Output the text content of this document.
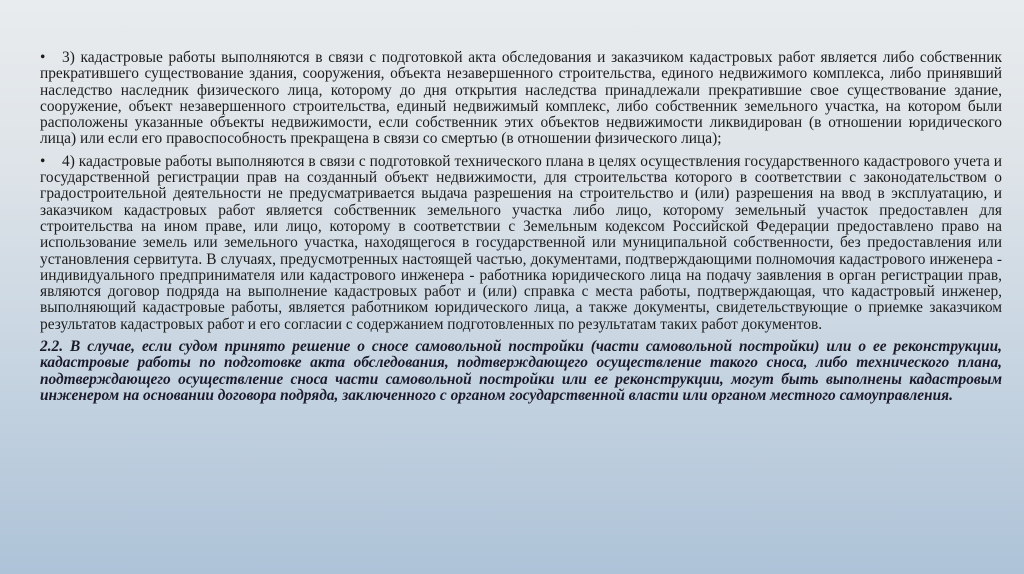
• 3) кадастровые работы выполняются в связи с подготовкой акта обследования и заказчиком кадастровых работ является либо собственник прекратившего существование здания, сооружения, объекта незавершенного строительства, единого недвижимого комплекса, либо принявший наследство наследник физического лица, которому до дня открытия наследства принадлежали прекратившие свое существование здание, сооружение, объект незавершенного строительства, единый недвижимый комплекс, либо собственник земельного участка, на котором были расположены указанные объекты недвижимости, если собственник этих объектов недвижимости ликвидирован (в отношении юридического лица) или если его правоспособность прекращена в связи со смертью (в отношении физического лица);

• 4) кадастровые работы выполняются в связи с подготовкой технического плана в целях осуществления государственного кадастрового учета и государственной регистрации прав на созданный объект недвижимости, для строительства которого в соответствии с законодательством о градостроительной деятельности не предусматривается выдача разрешения на строительство и (или) разрешения на ввод в эксплуатацию, и заказчиком кадастровых работ является собственник земельного участка либо лицо, которому земельный участок предоставлен для строительства на ином праве, или лицо, которому в соответствии с Земельным кодексом Российской Федерации предоставлено право на использование земель или земельного участка, находящегося в государственной или муниципальной собственности, без предоставления или установления сервитута. В случаях, предусмотренных настоящей частью, документами, подтверждающими полномочия кадастрового инженера - индивидуального предпринимателя или кадастрового инженера - работника юридического лица на подачу заявления в орган регистрации прав, являются договор подряда на выполнение кадастровых работ и (или) справка с места работы, подтверждающая, что кадастровый инженер, выполняющий кадастровые работы, является работником юридического лица, а также документы, свидетельствующие о приемке заказчиком результатов кадастровых работ и его согласии с содержанием подготовленных по результатам таких работ документов.

2.2. В случае, если судом принято решение о сносе самовольной постройки (части самовольной постройки) или о ее реконструкции, кадастровые работы по подготовке акта обследования, подтверждающего осуществление такого сноса, либо технического плана, подтверждающего осуществление сноса части самовольной постройки или ее реконструкции, могут быть выполнены кадастровым инженером на основании договора подряда, заключенного с органом государственной власти или органом местного самоуправления.
